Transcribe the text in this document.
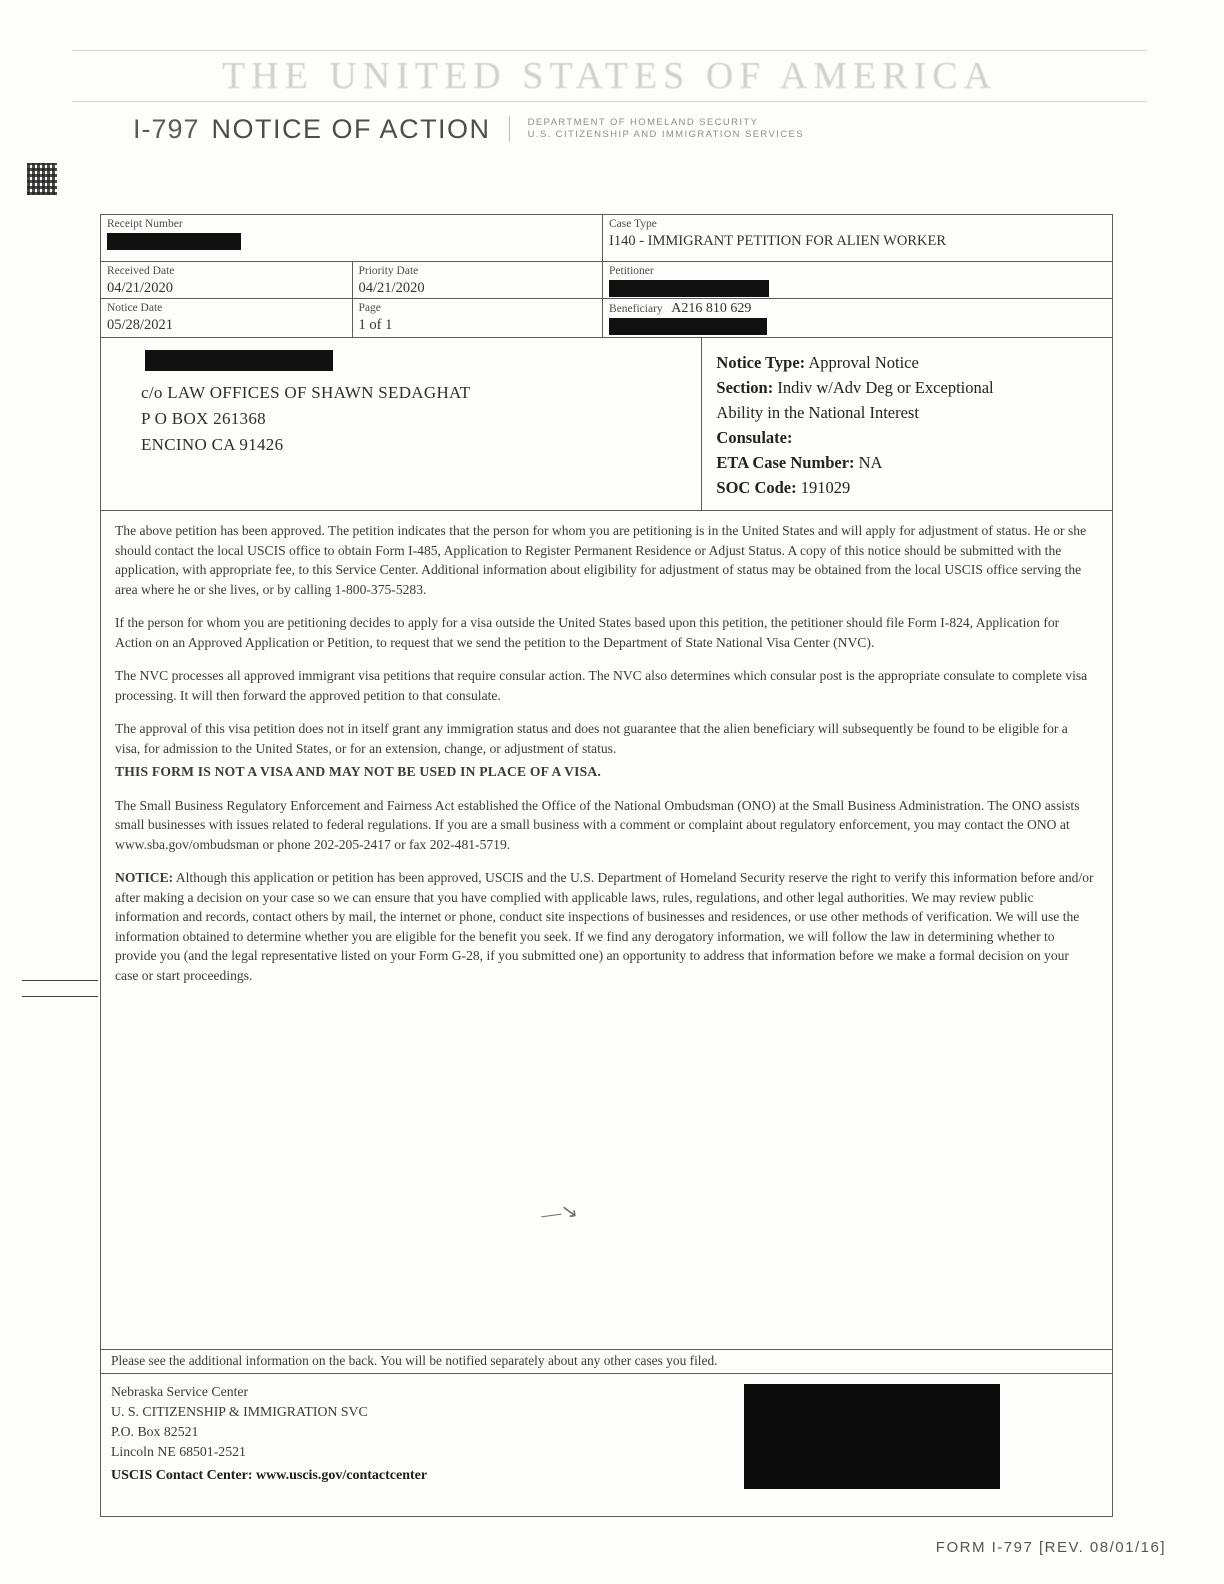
THE UNITED STATES OF AMERICA
I-797 NOTICE OF ACTION	DEPARTMENT OF HOMELAND SECURITY
U.S. CITIZENSHIP AND IMMIGRATION SERVICES
Receipt Number	Case Type
I140 - IMMIGRANT PETITION FOR ALIEN WORKER
Received Date
04/21/2020
Priority Date
04/21/2020
Petitioner
Notice Date
05/28/2021
Page
1 of 1
Beneficiary A216 810 629
c/o LAW OFFICES OF SHAWN SEDAGHAT
P O BOX 261368
ENCINO CA 91426
Notice Type: Approval Notice
Section: Indiv w/Adv Deg or Exceptional
Ability in the National Interest
Consulate:
ETA Case Number: NA
SOC Code: 191029

The above petition has been approved. The petition indicates that the person for whom you are petitioning is in the United States and will apply for adjustment of status. He or she should contact the local USCIS office to obtain Form I-485, Application to Register Permanent Residence or Adjust Status. A copy of this notice should be submitted with the application, with appropriate fee, to this Service Center. Additional information about eligibility for adjustment of status may be obtained from the local USCIS office serving the area where he or she lives, or by calling 1-800-375-5283.

If the person for whom you are petitioning decides to apply for a visa outside the United States based upon this petition, the petitioner should file Form I-824, Application for Action on an Approved Application or Petition, to request that we send the petition to the Department of State National Visa Center (NVC).

The NVC processes all approved immigrant visa petitions that require consular action. The NVC also determines which consular post is the appropriate consulate to complete visa processing. It will then forward the approved petition to that consulate.

The approval of this visa petition does not in itself grant any immigration status and does not guarantee that the alien beneficiary will subsequently be found to be eligible for a visa, for admission to the United States, or for an extension, change, or adjustment of status.

THIS FORM IS NOT A VISA AND MAY NOT BE USED IN PLACE OF A VISA.

The Small Business Regulatory Enforcement and Fairness Act established the Office of the National Ombudsman (ONO) at the Small Business Administration. The ONO assists small businesses with issues related to federal regulations. If you are a small business with a comment or complaint about regulatory enforcement, you may contact the ONO at www.sba.gov/ombudsman or phone 202-205-2417 or fax 202-481-5719.

NOTICE: Although this application or petition has been approved, USCIS and the U.S. Department of Homeland Security reserve the right to verify this information before and/or after making a decision on your case so we can ensure that you have complied with applicable laws, rules, regulations, and other legal authorities. We may review public information and records, contact others by mail, the internet or phone, conduct site inspections of businesses and residences, or use other methods of verification. We will use the information obtained to determine whether you are eligible for the benefit you seek. If we find any derogatory information, we will follow the law in determining whether to provide you (and the legal representative listed on your Form G-28, if you submitted one) an opportunity to address that information before we make a formal decision on your case or start proceedings.

—↘
Please see the additional information on the back. You will be notified separately about any other cases you filed.
Nebraska Service Center
U. S. CITIZENSHIP & IMMIGRATION SVC
P.O. Box 82521
Lincoln NE 68501-2521
USCIS Contact Center: www.uscis.gov/contactcenter
FORM I-797 [REV. 08/01/16]
